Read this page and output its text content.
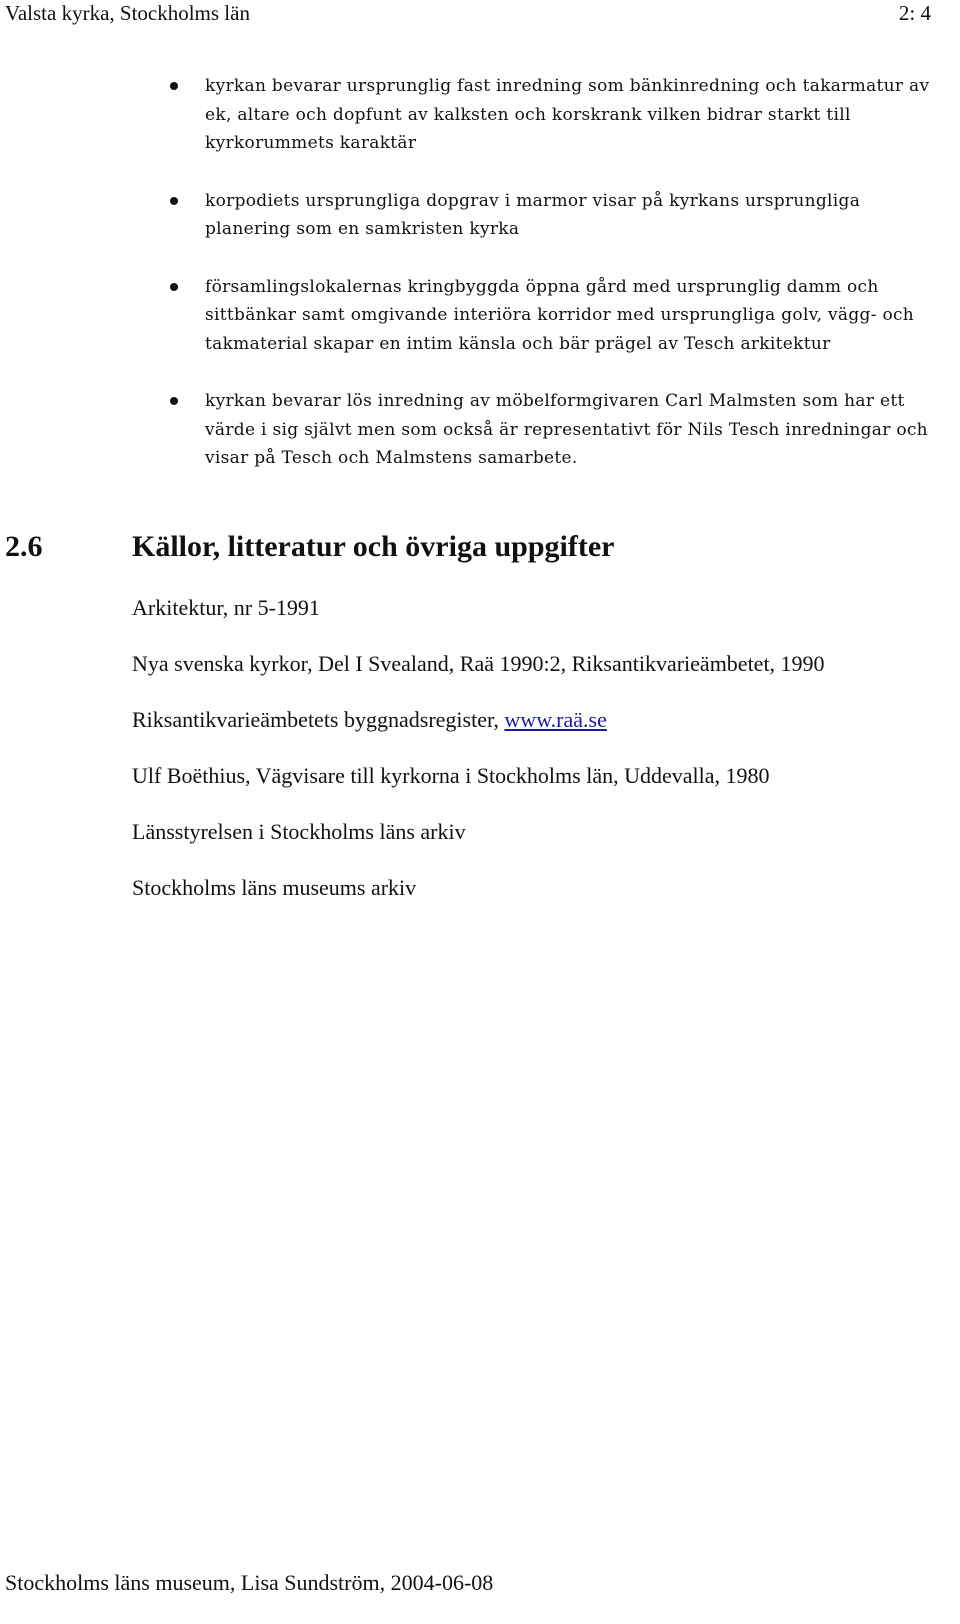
Valsta kyrka, Stockholms län	2: 4
kyrkan bevarar ursprunglig fast inredning som bänkinredning och takarmatur av ek, altare och dopfunt av kalksten och korskrank vilken bidrar starkt till kyrkorummets karaktär
korpodiets ursprungliga dopgrav i marmor visar på kyrkans ursprungliga planering som en samkristen kyrka
församlingslokalernas kringbyggda öppna gård med ursprunglig damm och sittbänkar samt omgivande interiöra korridor med ursprungliga golv, vägg- och takmaterial skapar en intim känsla och bär prägel av Tesch arkitektur
kyrkan bevarar lös inredning av möbelformgivaren Carl Malmsten som har ett värde i sig självt men som också är representativt för Nils Tesch inredningar och visar på Tesch och Malmstens samarbete.
2.6	Källor, litteratur och övriga uppgifter
Arkitektur, nr 5-1991
Nya svenska kyrkor, Del I Svealand, Raä 1990:2, Riksantikvarieämbetet, 1990
Riksantikvarieämbetets byggnadsregister, www.raä.se
Ulf Boëthius, Vägvisare till kyrkorna i Stockholms län, Uddevalla, 1980
Länsstyrelsen i Stockholms läns arkiv
Stockholms läns museums arkiv
Stockholms läns museum, Lisa Sundström, 2004-06-08
